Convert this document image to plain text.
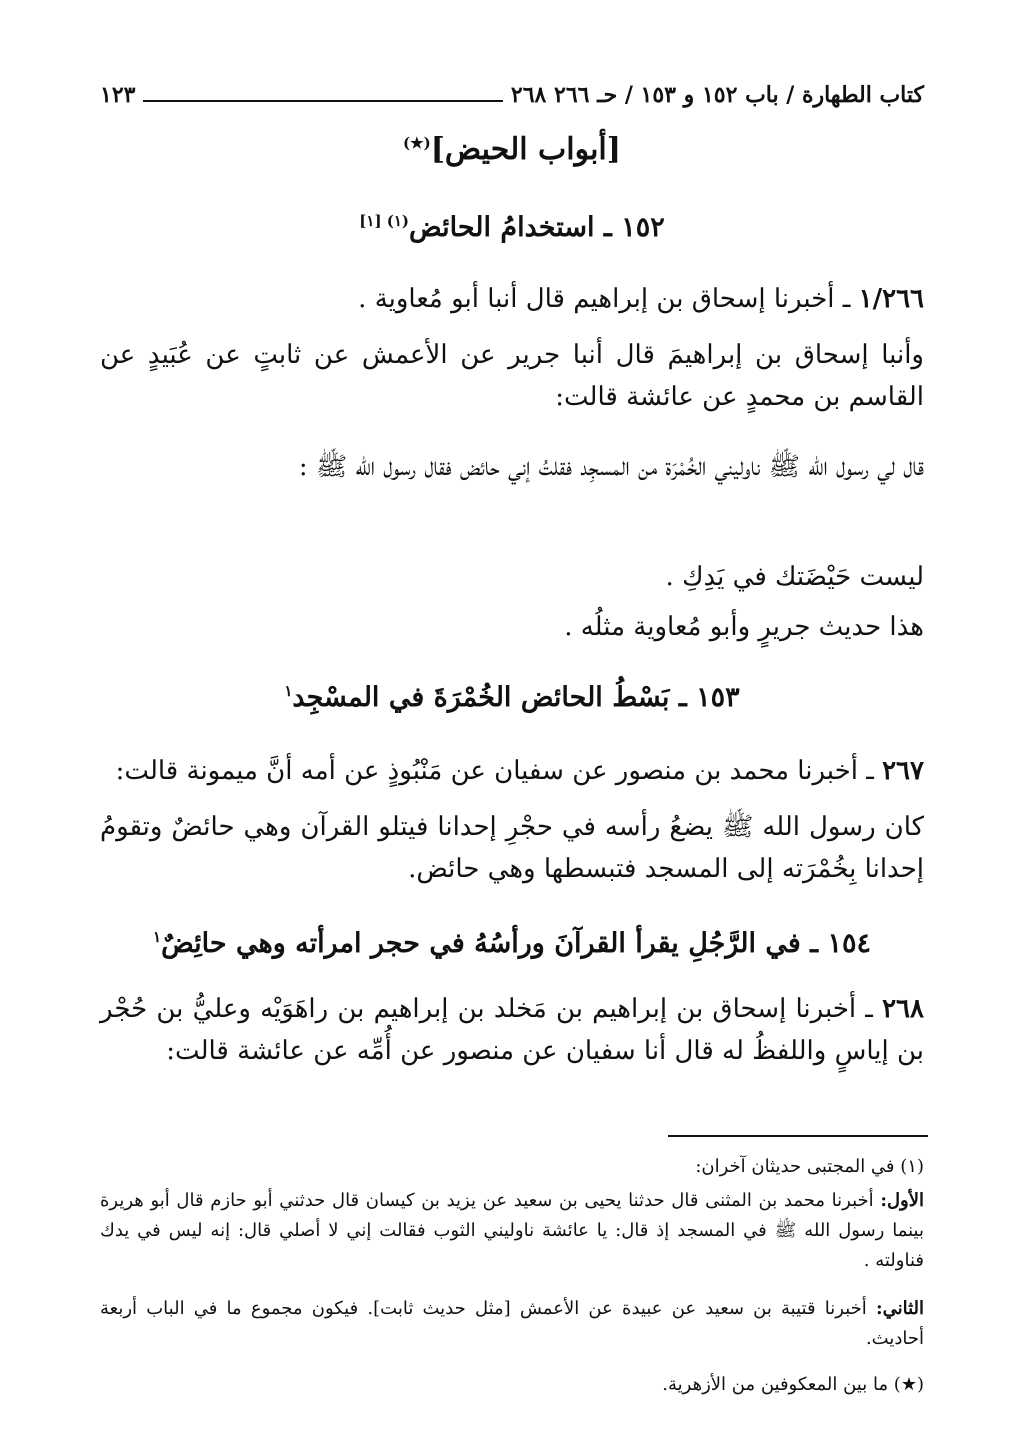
كتاب الطهارة / باب ١٥٢ و ١٥٣ / حـ ٢٦٦ ٢٦٨
١٢٣
[أبواب الحيض](★)
١٥٢ ـ استخدامُ الحائض$^{(١) [١]}$
١/٢٦٦ ـ أخبرنا إسحاق بن إبراهيم قال أنبا أبو مُعاوية .
وأنبا إسحاق بن إبراهيمَ قال أنبا جرير عن الأعمش عن ثابتٍ عن عُبَيدٍ عن القاسم بن محمدٍ عن عائشة قالت:
قال لي رسول الله ﷺ ناوليني الخُمْرَة من المسجِد فقلتُ إني حائض فقال رسول الله ﷺ :
ليست حَيْضَتك في يَدِكِ .
هذا حديث جريرٍ وأبو مُعاوية مثلُه .
١٥٣ ـ بَسْطُ الحائض الخُمْرَةَ في المسْجِد$^١$
٢٦٧ ـ أخبرنا محمد بن منصور عن سفيان عن مَنْبُوذٍ عن أمه أنَّ ميمونة قالت:
كان رسول الله ﷺ يضعُ رأسه في حجْرِ إحدانا فيتلو القرآن وهي حائضٌ وتقومُ إحدانا بِخُمْرَته إلى المسجد فتبسطها وهي حائض.
١٥٤ ـ في الرَّجُلِ يقرأ القرآنَ ورأسُهُ في حجر امرأته وهي حائِضٌ$^١$
٢٦٨ ـ أخبرنا إسحاق بن إبراهيم بن مَخلد بن إبراهيم بن راهَوَيْه وعليُّ بن حُجْر بن إياسٍ واللفظُ له قال أنا سفيان عن منصور عن أُمِّه عن عائشة قالت:
(١) في المجتبى حديثان آخران:
الأول: أخبرنا محمد بن المثنى قال حدثنا يحيى بن سعيد عن يزيد بن كيسان قال حدثني أبو حازم قال أبو هريرة بينما رسول الله ﷺ في المسجد إذ قال: يا عائشة ناوليني الثوب فقالت إني لا أصلي قال: إنه ليس في يدك فناولته .
الثاني: أخبرنا قتيبة بن سعيد عن عبيدة عن الأعمش [مثل حديث ثابت]. فيكون مجموع ما في الباب أربعة أحاديث.
(★) ما بين المعكوفين من الأزهرية.
